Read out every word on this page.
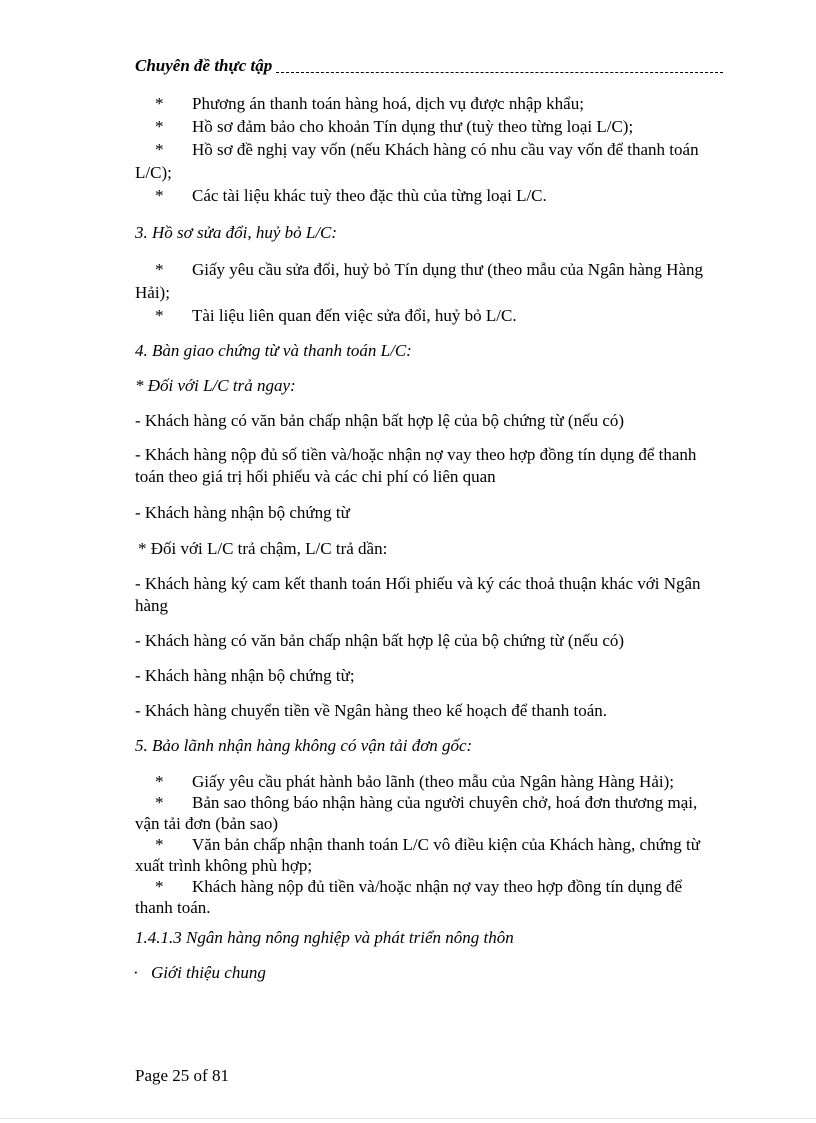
Chuyên đề thực tập

* Phương án thanh toán hàng hoá, dịch vụ được nhập khẩu;

* Hồ sơ đảm bảo cho khoản Tín dụng thư (tuỳ theo từng loại L/C);

* Hồ sơ đề nghị vay vốn (nếu Khách hàng có nhu cầu vay vốn để thanh toán L/C);

* Các tài liệu khác tuỳ theo đặc thù của từng loại L/C.

3. Hồ sơ sửa đổi, huỷ bỏ L/C:

* Giấy yêu cầu sửa đổi, huỷ bỏ Tín dụng thư (theo mẫu của Ngân hàng Hàng Hải);

* Tài liệu liên quan đến việc sửa đổi, huỷ bỏ L/C.

4. Bàn giao chứng từ và thanh toán L/C:

* Đối với L/C trả ngay:

- Khách hàng có văn bản chấp nhận bất hợp lệ của bộ chứng từ (nếu có)

- Khách hàng nộp đủ số tiền và/hoặc nhận nợ vay theo hợp đồng tín dụng để thanh toán theo giá trị hối phiếu và các chi phí có liên quan

- Khách hàng nhận bộ chứng từ

* Đối với L/C trả chậm, L/C trả dần:

- Khách hàng ký cam kết thanh toán Hối phiếu và ký các thoả thuận khác với Ngân hàng

- Khách hàng có văn bản chấp nhận bất hợp lệ của bộ chứng từ (nếu có)

- Khách hàng nhận bộ chứng từ;

- Khách hàng chuyển tiền về Ngân hàng theo kế hoạch để thanh toán.

5. Bảo lãnh nhận hàng không có vận tải đơn gốc:

* Giấy yêu cầu phát hành bảo lãnh (theo mẫu của Ngân hàng Hàng Hải);

* Bản sao thông báo nhận hàng của người chuyên chở, hoá đơn thương mại, vận tải đơn (bản sao)

* Văn bản chấp nhận thanh toán L/C vô điều kiện của Khách hàng, chứng từ xuất trình không phù hợp;

* Khách hàng nộp đủ tiền và/hoặc nhận nợ vay theo hợp đồng tín dụng để thanh toán.

1.4.1.3 Ngân hàng nông nghiệp và phát triển nông thôn

· Giới thiệu chung

Page 25 of 81
